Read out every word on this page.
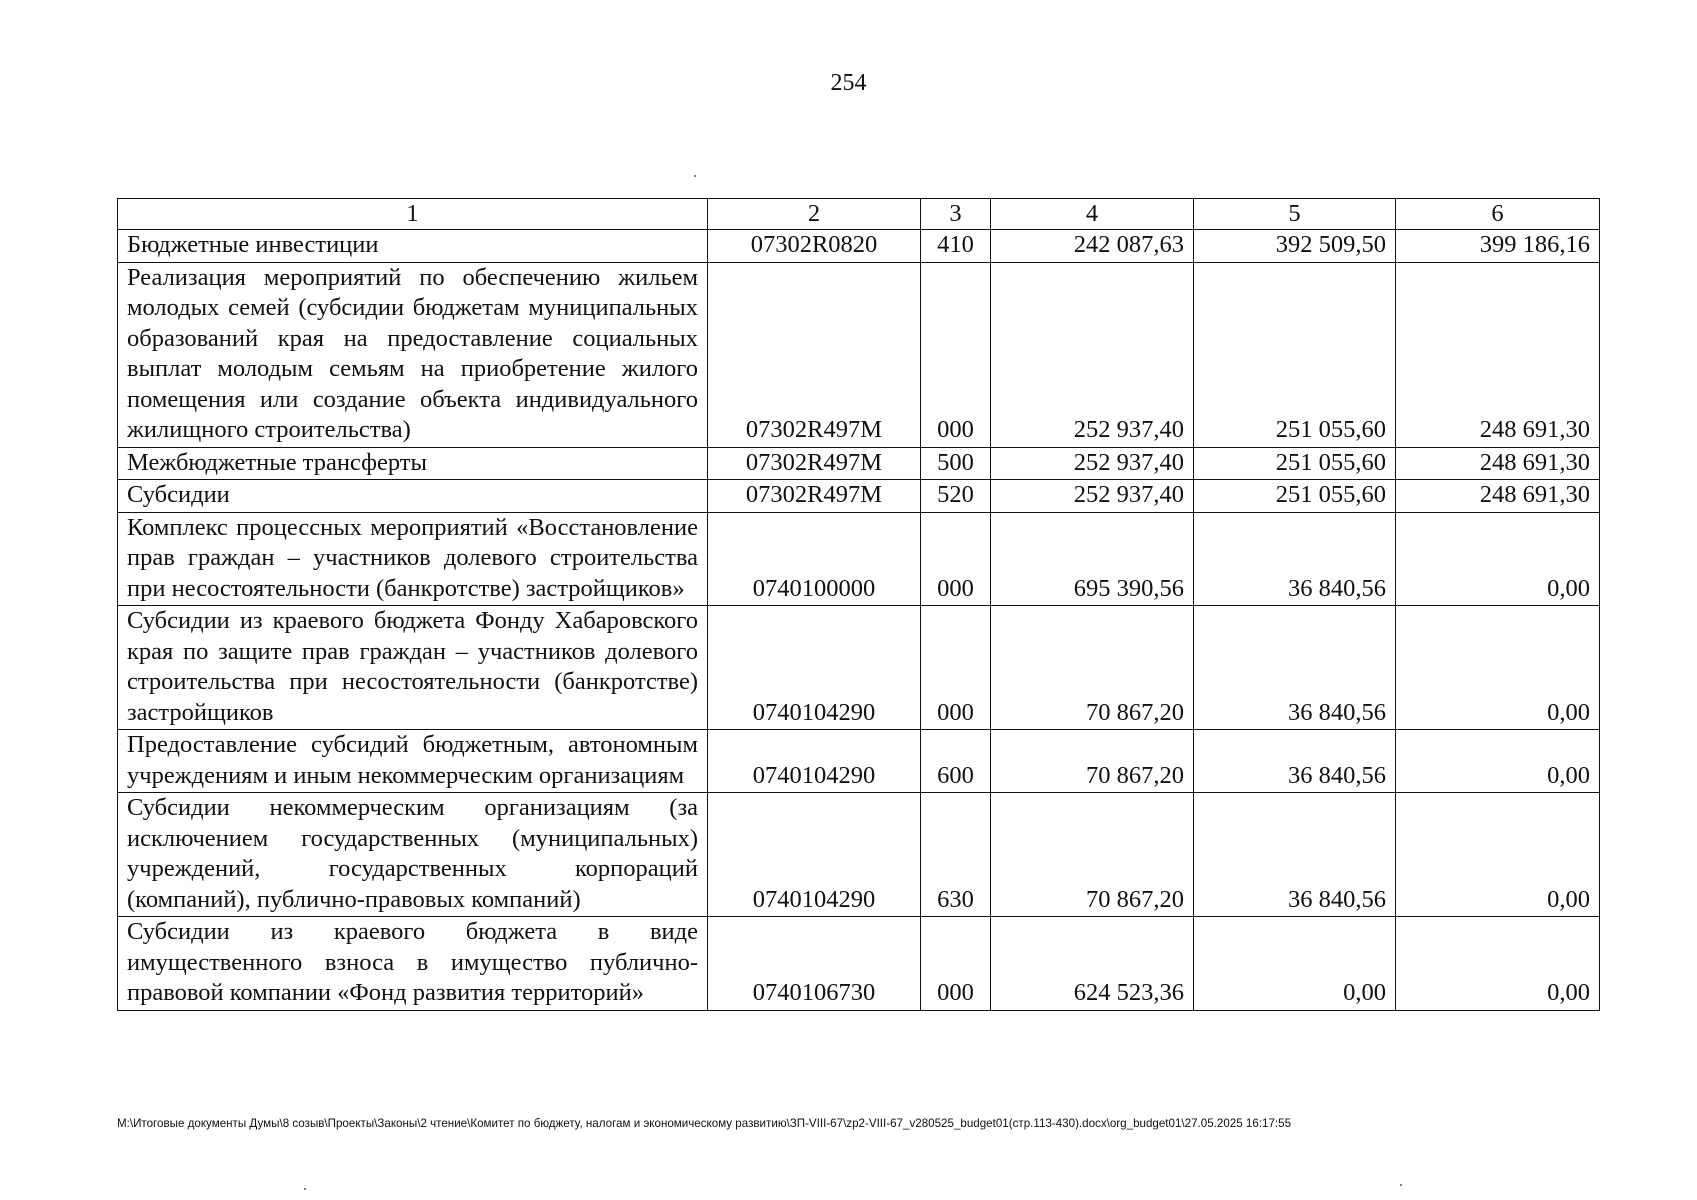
254
1	2	3	4	5	6
Бюджетные инвестиции	07302R0820	410	242 087,63	392 509,50	399 186,16
Реализация мероприятий по обеспечению жильем молодых семей (субсидии бюджетам муниципальных образований края на предоставление социальных выплат молодым семьям на приобретение жилого помещения или создание объекта индивидуального жилищного строительства)	07302R497M	000	252 937,40	251 055,60	248 691,30
Межбюджетные трансферты	07302R497M	500	252 937,40	251 055,60	248 691,30
Субсидии	07302R497M	520	252 937,40	251 055,60	248 691,30
Комплекс процессных мероприятий «Восстановление прав граждан – участников долевого строительства при несостоятельности (банкротстве) застройщиков»	0740100000	000	695 390,56	36 840,56	0,00
Субсидии из краевого бюджета Фонду Хабаровского края по защите прав граждан – участников долевого строительства при несостоятельности (банкротстве) застройщиков	0740104290	000	70 867,20	36 840,56	0,00
Предоставление субсидий бюджетным, автономным учреждениям и иным некоммерческим организациям	0740104290	600	70 867,20	36 840,56	0,00
Субсидии некоммерческим организациям (за исключением государственных (муниципальных) учреждений, государственных корпораций (компаний), публично-правовых компаний)	0740104290	630	70 867,20	36 840,56	0,00
Субсидии из краевого бюджета в виде имущественного взноса в имущество публично-правовой компании «Фонд развития территорий»	0740106730	000	624 523,36	0,00	0,00
М:\Итоговые документы Думы\8 созыв\Проекты\Законы\2 чтение\Комитет по бюджету, налогам и экономическому развитию\ЗП-VIII-67\zp2-VIII-67_v280525_budget01(стр.113-430).docx\org_budget01\27.05.2025 16:17:55
